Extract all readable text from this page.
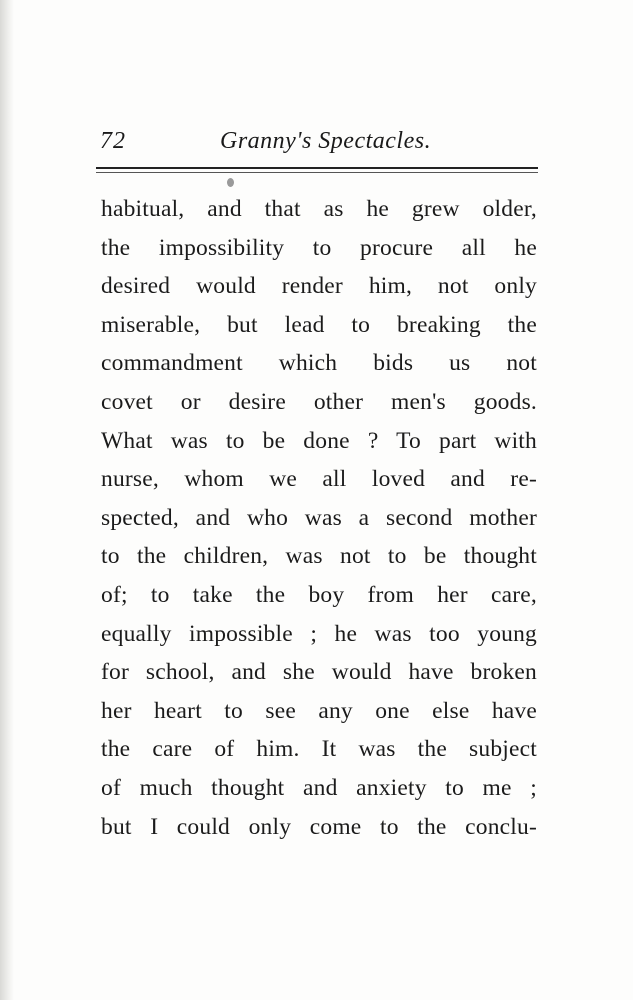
72	Granny's Spectacles.
habitual, and that as he grew older,
the impossibility to procure all he
desired would render him, not only
miserable, but lead to breaking the
commandment which bids us not
covet or desire other men's goods.
What was to be done ? To part with
nurse, whom we all loved and re-
spected, and who was a second mother
to the children, was not to be thought
of; to take the boy from her care,
equally impossible ; he was too young
for school, and she would have broken
her heart to see any one else have
the care of him. It was the subject
of much thought and anxiety to me ;
but I could only come to the conclu-
